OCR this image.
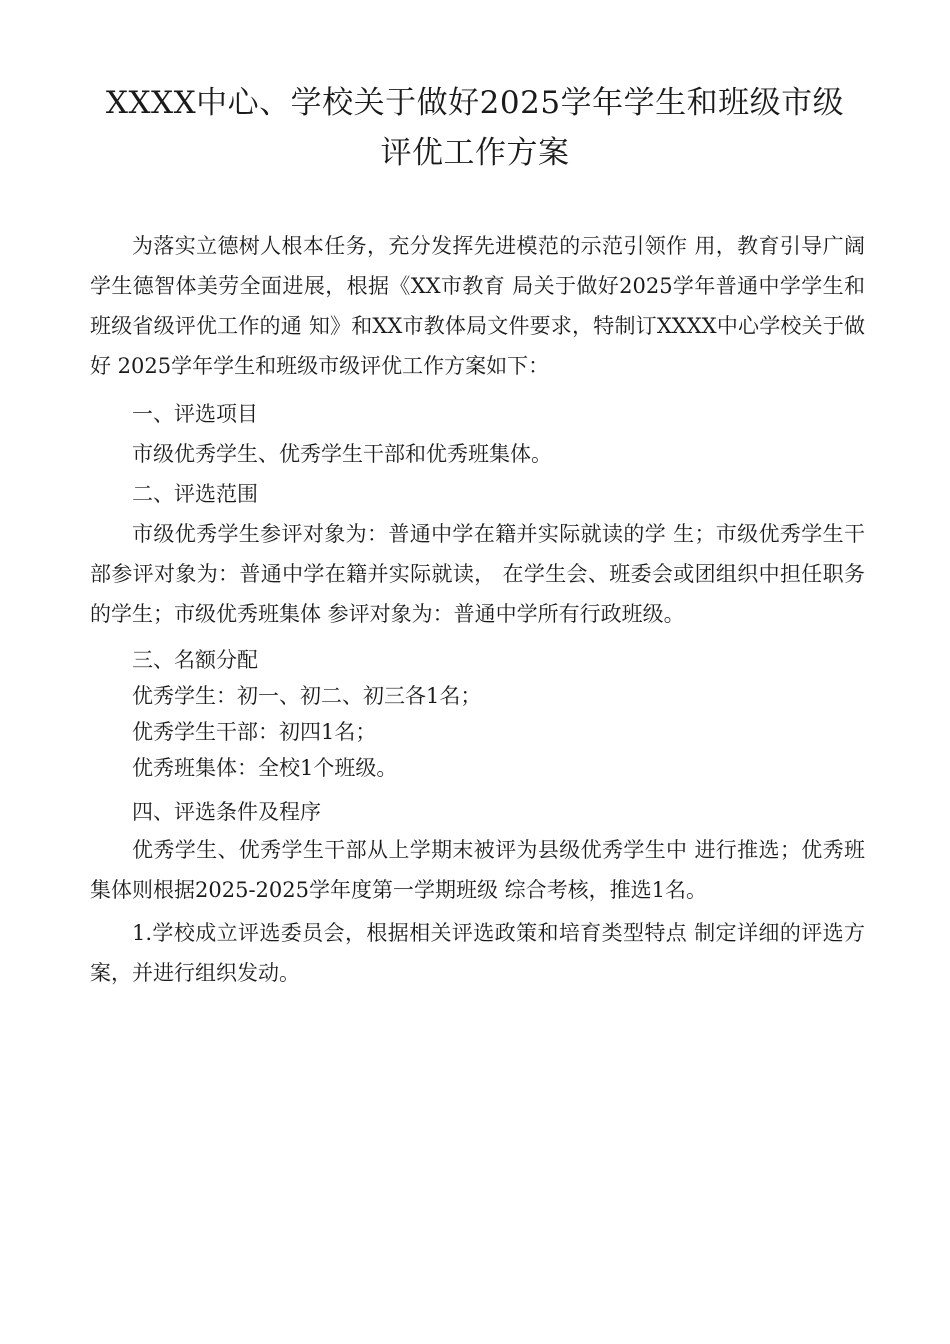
XXXX中心、学校关于做好2025学年学生和班级市级
评优工作方案

为落实立德树人根本任务，充分发挥先进模范的示范引领作 用，教育引导广阔学生德智体美劳全面进展，根据《XX市教育 局关于做好2025学年普通中学学生和班级省级评优工作的通 知》和XX市教体局文件要求，特制订XXXX中心学校关于做好 2025学年学生和班级市级评优工作方案如下：

一、评选项目

市级优秀学生、优秀学生干部和优秀班集体。

二、评选范围

市级优秀学生参评对象为：普通中学在籍并实际就读的学 生；市级优秀学生干部参评对象为：普通中学在籍并实际就读， 在学生会、班委会或团组织中担任职务的学生；市级优秀班集体 参评对象为：普通中学所有行政班级。

三、名额分配

优秀学生：初一、初二、初三各1名；

优秀学生干部：初四1名；

优秀班集体：全校1个班级。

四、评选条件及程序

优秀学生、优秀学生干部从上学期末被评为县级优秀学生中 进行推选；优秀班集体则根据2025-2025学年度第一学期班级 综合考核，推选1名。

1.学校成立评选委员会，根据相关评选政策和培育类型特点 制定详细的评选方案，并进行组织发动。
